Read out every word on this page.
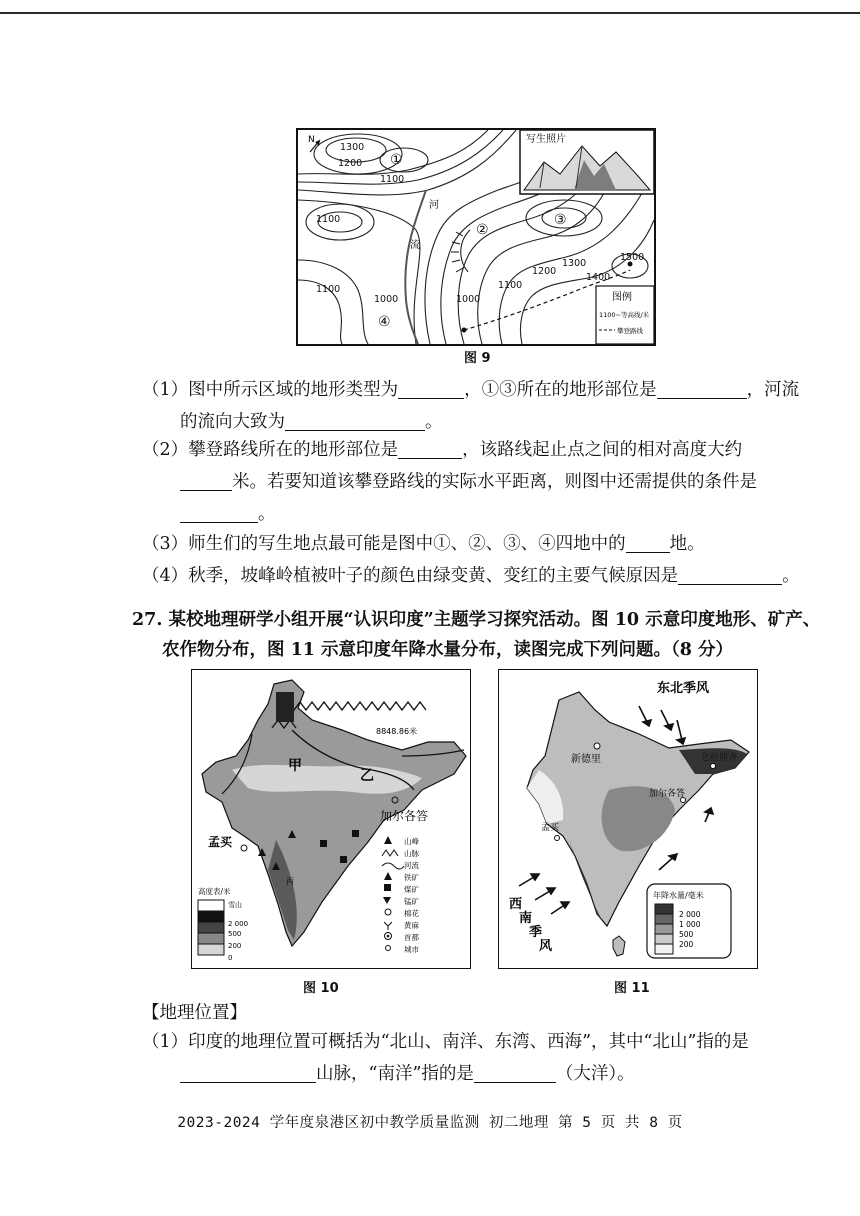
N
河
流
1300
1200
1100
1100
1100
1000	1000
1100
1200
1300
1400
1500
①
②
③
④
写生照片
图例
1100~等高线/米
攀登路线
图 9
（1）图中所示区域的地形类型为	，①③所在的地形部位是	，河流
的流向大致为	。
（2）攀登路线所在的地形部位是	，该路线起止点之间的相对高度大约
米。若要知道该攀登路线的实际水平距离，则图中还需提供的条件是
。
（3）师生们的写生地点最可能是图中①、②、③、④四地中的	地。
（4）秋季，坡峰岭植被叶子的颜色由绿变黄、变红的主要气候原因是	。
27. 某校地理研学小组开展“认识印度”主题学习探究活动。图 10 示意印度地形、矿产、
农作物分布，图 11 示意印度年降水量分布，读图完成下列问题。（8 分）
8848.86米
甲
乙
丙
加尔各答
孟买
高度表/米
雪山
2 000
500
200
0
山峰
山脉
河流
铁矿
煤矿
锰矿
棉花
黄麻
首都
城市
图 10
东北季风
西
南
季
风
新德里
加尔各答
孟买
乞拉朋齐
年降水量/毫米
2 000
1 000
500
200
图 11
【地理位置】
（1）印度的地理位置可概括为“北山、南洋、东湾、西海”，其中“北山”指的是
山脉，“南洋”指的是	（大洋）。
2023-2024 学年度泉港区初中教学质量监测 初二地理 第 5 页 共 8 页
